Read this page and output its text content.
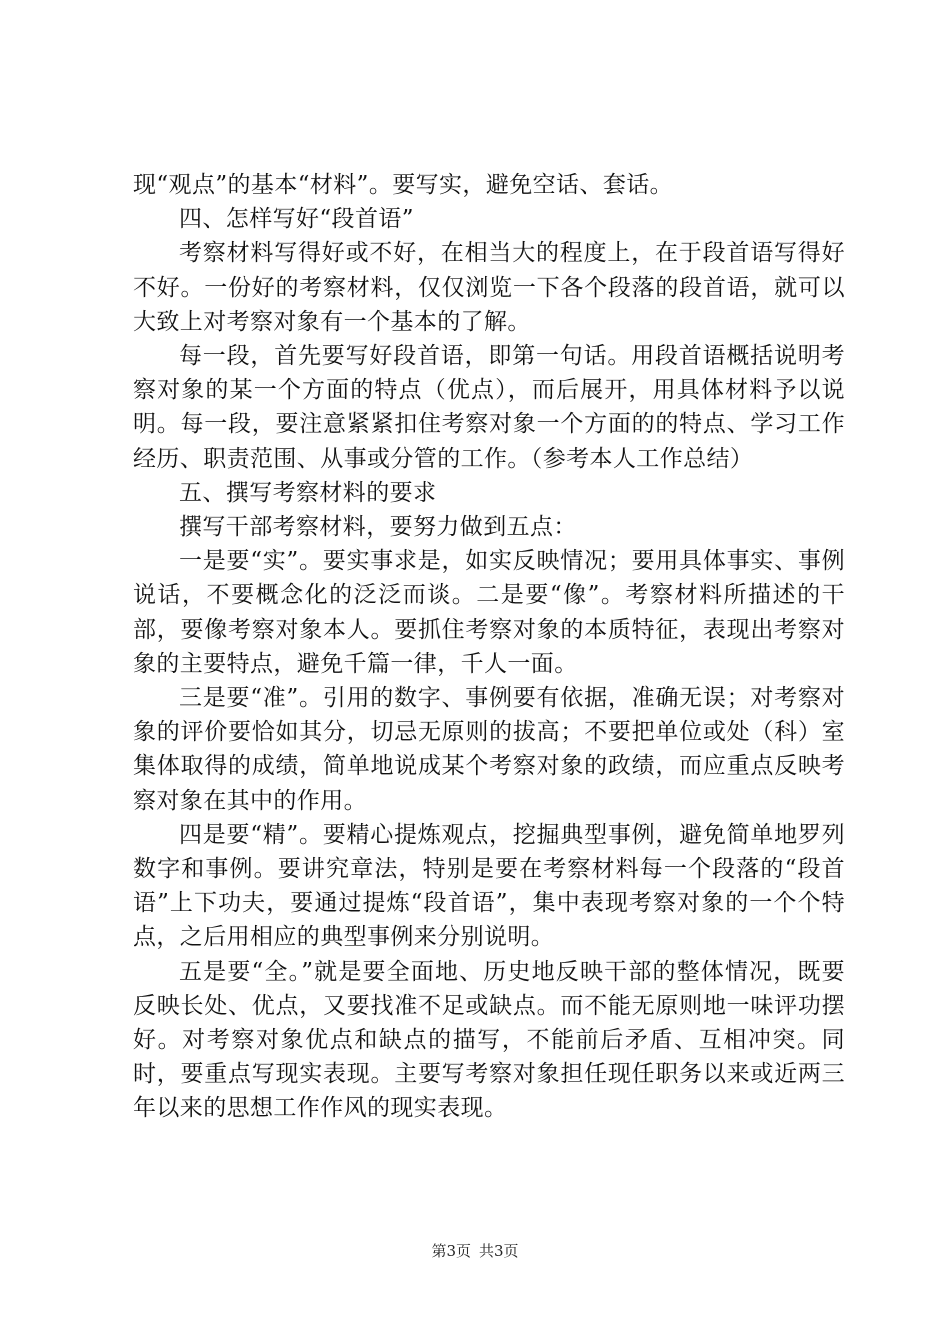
现“观点”的基本“材料”。要写实，避免空话、套话。

四、怎样写好“段首语”

考察材料写得好或不好，在相当大的程度上，在于段首语写得好不好。一份好的考察材料，仅仅浏览一下各个段落的段首语，就可以大致上对考察对象有一个基本的了解。

每一段，首先要写好段首语，即第一句话。用段首语概括说明考察对象的某一个方面的特点（优点），而后展开，用具体材料予以说明。每一段，要注意紧紧扣住考察对象一个方面的的特点、学习工作经历、职责范围、从事或分管的工作。（参考本人工作总结）

五、撰写考察材料的要求

撰写干部考察材料，要努力做到五点：

一是要“实”。要实事求是，如实反映情况；要用具体事实、事例说话，不要概念化的泛泛而谈。二是要“像”。考察材料所描述的干部，要像考察对象本人。要抓住考察对象的本质特征，表现出考察对象的主要特点，避免千篇一律，千人一面。

三是要“准”。引用的数字、事例要有依据，准确无误；对考察对象的评价要恰如其分，切忌无原则的拔高；不要把单位或处（科）室集体取得的成绩，简单地说成某个考察对象的政绩，而应重点反映考察对象在其中的作用。

四是要“精”。要精心提炼观点，挖掘典型事例，避免简单地罗列数字和事例。要讲究章法，特别是要在考察材料每一个段落的“段首语”上下功夫，要通过提炼“段首语”，集中表现考察对象的一个个特点，之后用相应的典型事例来分别说明。

五是要“全。”就是要全面地、历史地反映干部的整体情况，既要反映长处、优点，又要找准不足或缺点。而不能无原则地一味评功摆好。对考察对象优点和缺点的描写，不能前后矛盾、互相冲突。同时，要重点写现实表现。主要写考察对象担任现任职务以来或近两三年以来的思想工作作风的现实表现。

第3页 共3页
